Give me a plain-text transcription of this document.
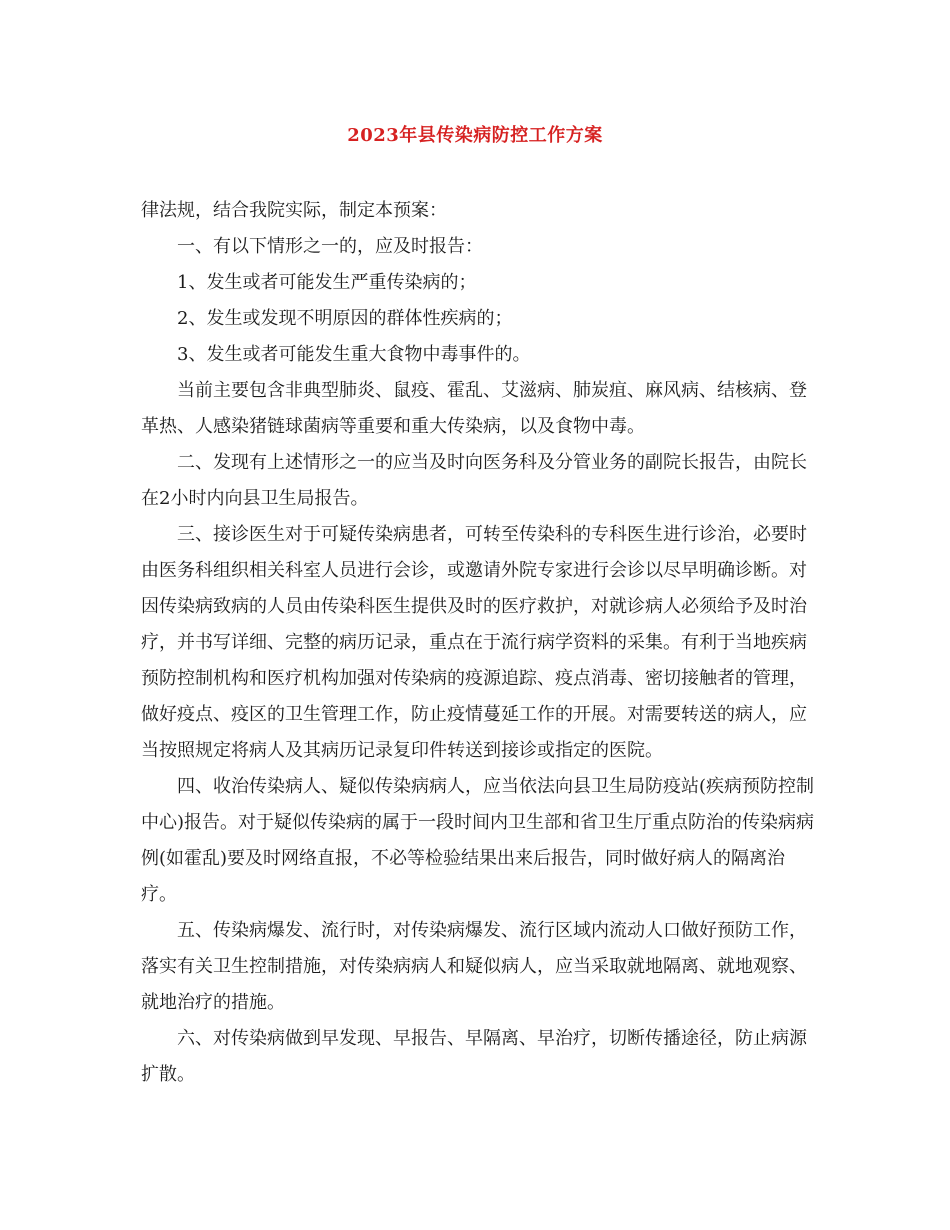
2023年县传染病防控工作方案

律法规，结合我院实际，制定本预案：

一、有以下情形之一的，应及时报告：

1、发生或者可能发生严重传染病的；

2、发生或发现不明原因的群体性疾病的；

3、发生或者可能发生重大食物中毒事件的。

当前主要包含非典型肺炎、鼠疫、霍乱、艾滋病、肺炭疽、麻风病、结核病、登革热、人感染猪链球菌病等重要和重大传染病，以及食物中毒。

二、发现有上述情形之一的应当及时向医务科及分管业务的副院长报告，由院长在2小时内向县卫生局报告。

三、接诊医生对于可疑传染病患者，可转至传染科的专科医生进行诊治，必要时由医务科组织相关科室人员进行会诊，或邀请外院专家进行会诊以尽早明确诊断。对因传染病致病的人员由传染科医生提供及时的医疗救护，对就诊病人必须给予及时治疗，并书写详细、完整的病历记录，重点在于流行病学资料的采集。有利于当地疾病预防控制机构和医疗机构加强对传染病的疫源追踪、疫点消毒、密切接触者的管理，做好疫点、疫区的卫生管理工作，防止疫情蔓延工作的开展。对需要转送的病人，应当按照规定将病人及其病历记录复印件转送到接诊或指定的医院。

四、收治传染病人、疑似传染病病人，应当依法向县卫生局防疫站(疾病预防控制中心)报告。对于疑似传染病的属于一段时间内卫生部和省卫生厅重点防治的传染病病例(如霍乱)要及时网络直报，不必等检验结果出来后报告，同时做好病人的隔离治疗。

五、传染病爆发、流行时，对传染病爆发、流行区域内流动人口做好预防工作，落实有关卫生控制措施，对传染病病人和疑似病人，应当采取就地隔离、就地观察、就地治疗的措施。

六、对传染病做到早发现、早报告、早隔离、早治疗，切断传播途径，防止病源扩散。
